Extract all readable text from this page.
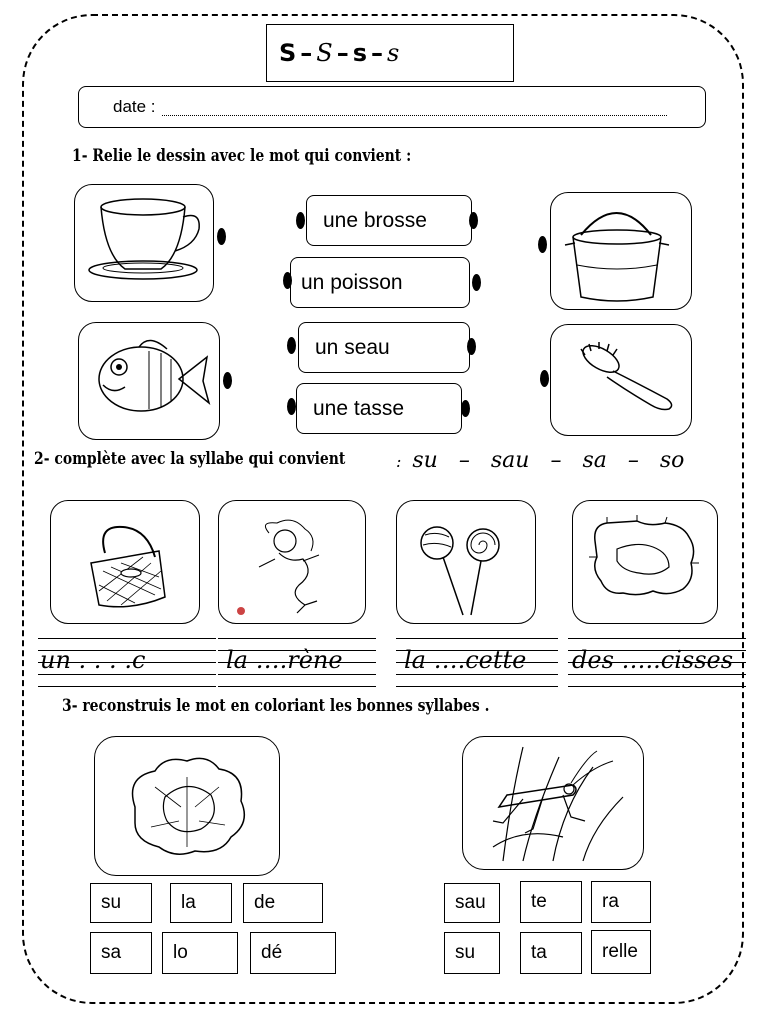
S – S – s – s
date :
1- Relie le dessin avec le mot qui convient :
une brosse
un poisson
un seau
une tasse
2- complète avec la syllabe qui convient	: su – sau – sa – so
un . . . .c	la ….rène	la ….cette des …..cisses
3- reconstruis le mot en coloriant les bonnes syllabes .
su	la	de
sa	lo	dé
sau te	ra
su	ta	relle
